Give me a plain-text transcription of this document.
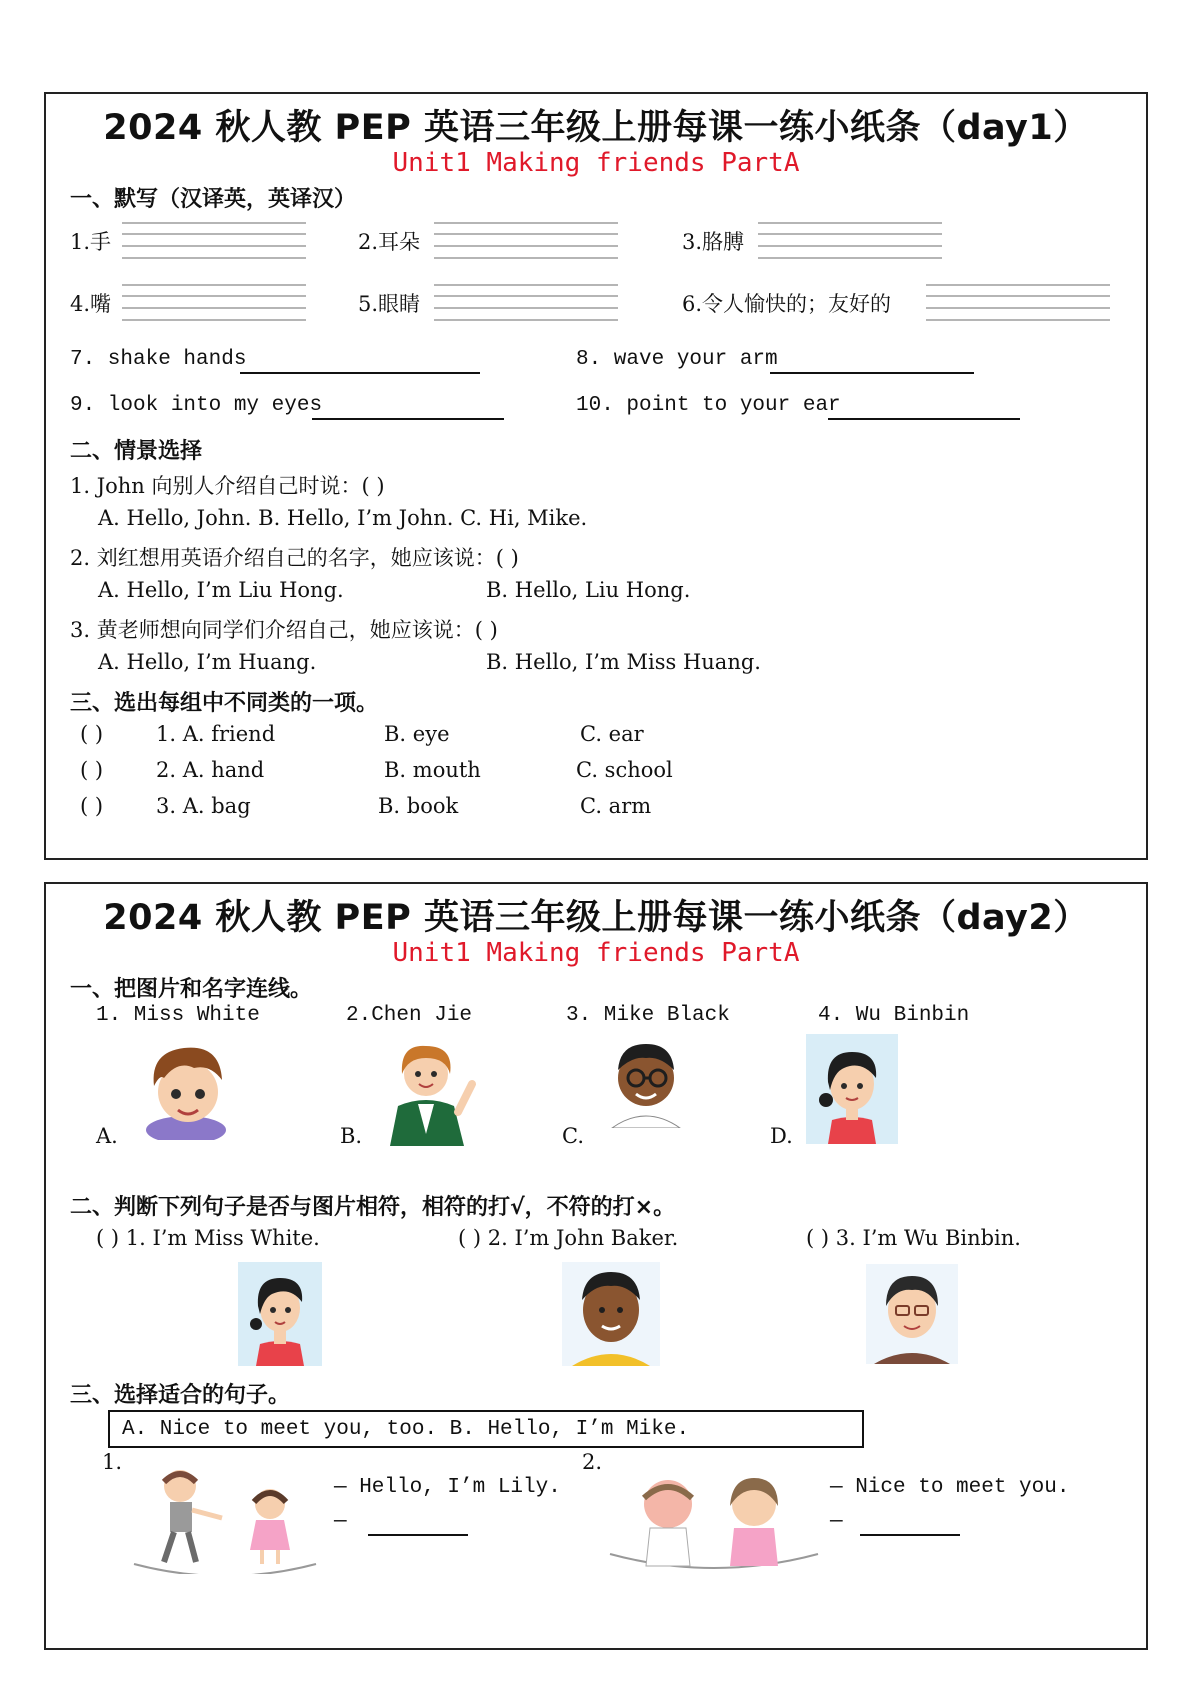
2024 秋人教 PEP 英语三年级上册每课一练小纸条（day1）
Unit1 Making friends PartA
一、默写（汉译英，英译汉）
1.手	2.耳朵	3.胳膊
4.嘴	5.眼睛	6.令人愉快的；友好的
7. shake hands	8. wave your arm
9. look into my eyes	10. point to your ear
二、情景选择
1. John 向别人介绍自己时说：( )
A. Hello, John. B. Hello, I’m John. C. Hi, Mike.
2. 刘红想用英语介绍自己的名字，她应该说：( )
A. Hello, I’m Liu Hong.	B. Hello, Liu Hong.
3. 黄老师想向同学们介绍自己，她应该说：( )
A. Hello, I’m Huang.	B. Hello, I’m Miss Huang.
三、选出每组中不同类的一项。
( )	1. A. friend	B. eye	C. ear
( )	2. A. hand	B. mouth	C. school
( )	3. A. bag	B. book	C. arm
2024 秋人教 PEP 英语三年级上册每课一练小纸条（day2）
Unit1 Making friends PartA
一、把图片和名字连线。
1. Miss White	2.Chen Jie	3. Mike Black	4. Wu Binbin
A.	B.	C.	D.
二、判断下列句子是否与图片相符，相符的打√，不符的打×。
( ) 1. I’m Miss White.	( ) 2. I’m John Baker.	( ) 3. I’m Wu Binbin.
三、选择适合的句子。
A. Nice to meet you, too. B. Hello, I’m Mike.
1.
— Hello, I’m Lily.
—
2.
— Nice to meet you.
—
